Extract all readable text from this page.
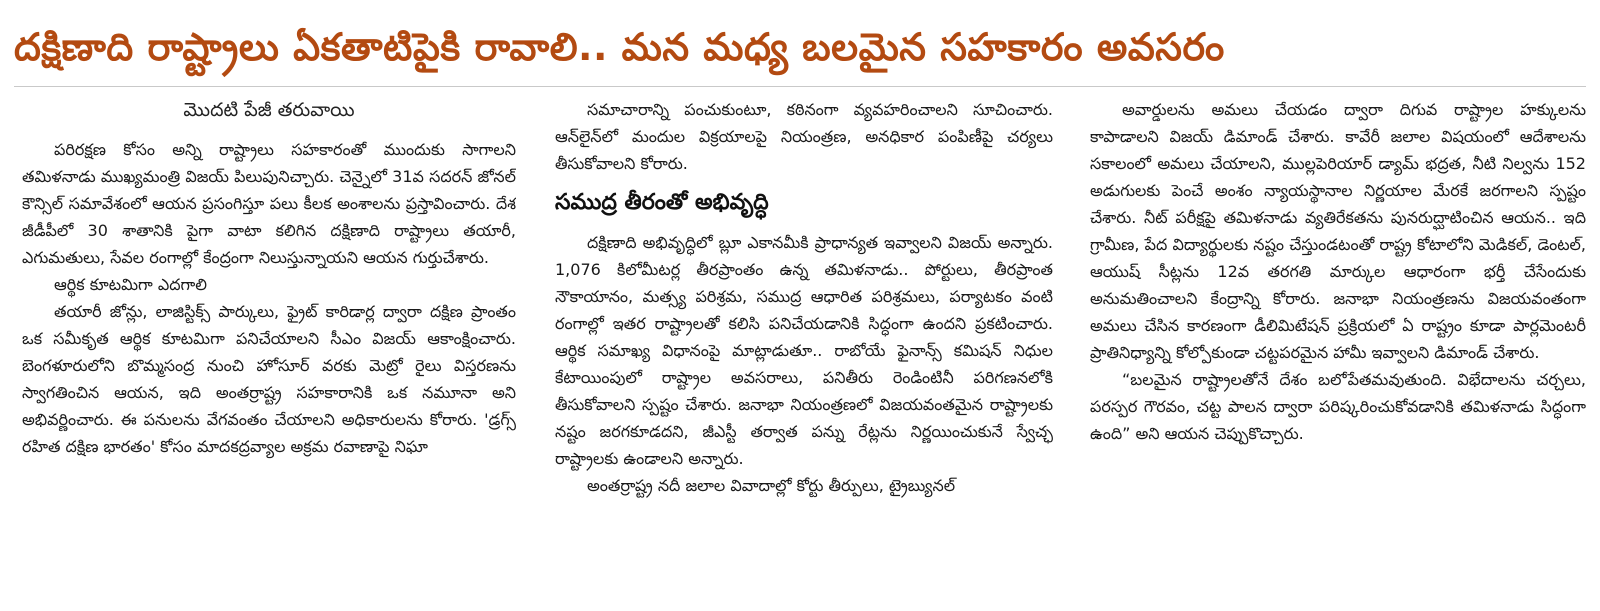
దక్షిణాది రాష్ట్రాలు ఏకతాటిపైకి రావాలి.. మన మధ్య బలమైన సహకారం అవసరం
మొదటి పేజీ తరువాయి

పరిరక్షణ కోసం అన్ని రాష్ట్రాలు సహకారంతో ముందుకు సాగాలని తమిళనాడు ముఖ్యమంత్రి విజయ్ పిలుపునిచ్చారు. చెన్నైలో 31వ సదరన్ జోనల్ కౌన్సిల్ సమావేశంలో ఆయన ప్రసంగిస్తూ పలు కీలక అంశాలను ప్రస్తావించారు. దేశ జీడీపీలో 30 శాతానికి పైగా వాటా కలిగిన దక్షిణాది రాష్ట్రాలు తయారీ, ఎగుమతులు, సేవల రంగాల్లో కేంద్రంగా నిలుస్తున్నాయని ఆయన గుర్తుచేశారు.

ఆర్థిక కూటమిగా ఎదగాలి

తయారీ జోన్లు, లాజిస్టిక్స్ పార్కులు, ఫ్రైట్ కారిడార్ల ద్వారా దక్షిణ ప్రాంతం ఒక సమీకృత ఆర్థిక కూటమిగా పనిచేయాలని సీఎం విజయ్ ఆకాంక్షించారు. బెంగళూరులోని బొమ్మసంద్ర నుంచి హోసూర్ వరకు మెట్రో రైలు విస్తరణను స్వాగతించిన ఆయన, ఇది అంతర్రాష్ట్ర సహకారానికి ఒక నమూనా అని అభివర్ణించారు. ఈ పనులను వేగవంతం చేయాలని అధికారులను కోరారు. 'డ్రగ్స్ రహిత దక్షిణ భారతం' కోసం మాదకద్రవ్యాల అక్రమ రవాణాపై నిఘా

సమాచారాన్ని పంచుకుంటూ, కఠినంగా వ్యవహరించాలని సూచించారు. ఆన్‌లైన్‌లో మందుల విక్రయాలపై నియంత్రణ, అనధికార పంపిణీపై చర్యలు తీసుకోవాలని కోరారు.

సముద్ర తీరంతో అభివృద్ధి

దక్షిణాది అభివృద్ధిలో బ్లూ ఎకానమీకి ప్రాధాన్యత ఇవ్వాలని విజయ్ అన్నారు. 1,076 కిలోమీటర్ల తీరప్రాంతం ఉన్న తమిళనాడు.. పోర్టులు, తీరప్రాంత నౌకాయానం, మత్స్య పరిశ్రమ, సముద్ర ఆధారిత పరిశ్రమలు, పర్యాటకం వంటి రంగాల్లో ఇతర రాష్ట్రాలతో కలిసి పనిచేయడానికి సిద్ధంగా ఉందని ప్రకటించారు. ఆర్థిక సమాఖ్య విధానంపై మాట్లాడుతూ.. రాబోయే ఫైనాన్స్ కమిషన్ నిధుల కేటాయింపులో రాష్ట్రాల అవసరాలు, పనితీరు రెండింటినీ పరిగణనలోకి తీసుకోవాలని స్పష్టం చేశారు. జనాభా నియంత్రణలో విజయవంతమైన రాష్ట్రాలకు నష్టం జరగకూడదని, జీఎస్టీ తర్వాత పన్ను రేట్లను నిర్ణయించుకునే స్వేచ్ఛ రాష్ట్రాలకు ఉండాలని అన్నారు.

అంతర్రాష్ట్ర నదీ జలాల వివాదాల్లో కోర్టు తీర్పులు, ట్రైబ్యునల్

అవార్డులను అమలు చేయడం ద్వారా దిగువ రాష్ట్రాల హక్కులను కాపాడాలని విజయ్ డిమాండ్ చేశారు. కావేరీ జలాల విషయంలో ఆదేశాలను సకాలంలో అమలు చేయాలని, ముల్లపెరియార్ డ్యామ్ భద్రత, నీటి నిల్వను 152 అడుగులకు పెంచే అంశం న్యాయస్థానాల నిర్ణయాల మేరకే జరగాలని స్పష్టం చేశారు. నీట్ పరీక్షపై తమిళనాడు వ్యతిరేకతను పునరుద్ఘాటించిన ఆయన.. ఇది గ్రామీణ, పేద విద్యార్థులకు నష్టం చేస్తుండటంతో రాష్ట్ర కోటాలోని మెడికల్, డెంటల్, ఆయుష్ సీట్లను 12వ తరగతి మార్కుల ఆధారంగా భర్తీ చేసేందుకు అనుమతించాలని కేంద్రాన్ని కోరారు. జనాభా నియంత్రణను విజయవంతంగా అమలు చేసిన కారణంగా డీలిమిటేషన్ ప్రక్రియలో ఏ రాష్ట్రం కూడా పార్లమెంటరీ ప్రాతినిధ్యాన్ని కోల్పోకుండా చట్టపరమైన హామీ ఇవ్వాలని డిమాండ్ చేశారు.

“బలమైన రాష్ట్రాలతోనే దేశం బలోపేతమవుతుంది. విభేదాలను చర్చలు, పరస్పర గౌరవం, చట్ట పాలన ద్వారా పరిష్కరించుకోవడానికి తమిళనాడు సిద్ధంగా ఉంది” అని ఆయన చెప్పుకొచ్చారు.
